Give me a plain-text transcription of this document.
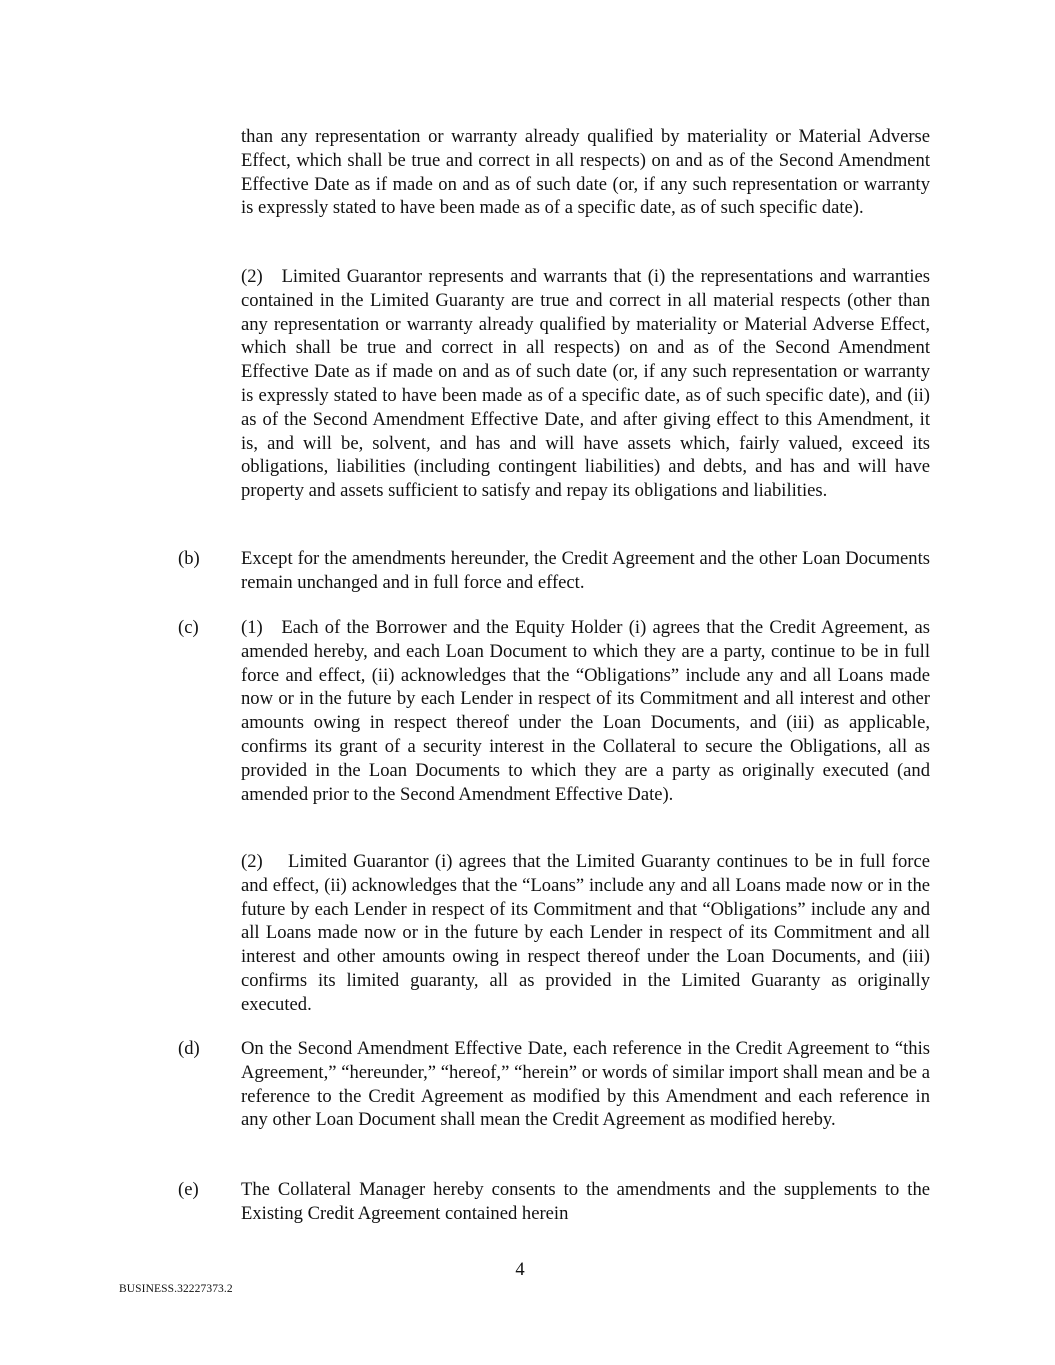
than any representation or warranty already qualified by materiality or Material Adverse Effect, which shall be true and correct in all respects) on and as of the Second Amendment Effective Date as if made on and as of such date (or, if any such representation or warranty is expressly stated to have been made as of a specific date, as of such specific date).

(2)   Limited Guarantor represents and warrants that (i) the representations and warranties contained in the Limited Guaranty are true and correct in all material respects (other than any representation or warranty already qualified by materiality or Material Adverse Effect, which shall be true and correct in all respects) on and as of the Second Amendment Effective Date as if made on and as of such date (or, if any such representation or warranty is expressly stated to have been made as of a specific date, as of such specific date), and (ii) as of the Second Amendment Effective Date, and after giving effect to this Amendment, it is, and will be, solvent, and has and will have assets which, fairly valued, exceed its obligations, liabilities (including contingent liabilities) and debts, and has and will have property and assets sufficient to satisfy and repay its obligations and liabilities.

(b) Except for the amendments hereunder, the Credit Agreement and the other Loan Documents remain unchanged and in full force and effect.

(c) (1)   Each of the Borrower and the Equity Holder (i) agrees that the Credit Agreement, as amended hereby, and each Loan Document to which they are a party, continue to be in full force and effect, (ii) acknowledges that the “Obligations” include any and all Loans made now or in the future by each Lender in respect of its Commitment and all interest and other amounts owing in respect thereof under the Loan Documents, and (iii) as applicable, confirms its grant of a security interest in the Collateral to secure the Obligations, all as provided in the Loan Documents to which they are a party as originally executed (and amended prior to the Second Amendment Effective Date).

(2)    Limited Guarantor (i) agrees that the Limited Guaranty continues to be in full force and effect, (ii) acknowledges that the “Loans” include any and all Loans made now or in the future by each Lender in respect of its Commitment and that “Obligations” include any and all Loans made now or in the future by each Lender in respect of its Commitment and all interest and other amounts owing in respect thereof under the Loan Documents, and (iii) confirms its limited guaranty, all as provided in the Limited Guaranty as originally executed.

(d) On the Second Amendment Effective Date, each reference in the Credit Agreement to “this Agreement,” “hereunder,” “hereof,” “herein” or words of similar import shall mean and be a reference to the Credit Agreement as modified by this Amendment and each reference in any other Loan Document shall mean the Credit Agreement as modified hereby.

(e) The Collateral Manager hereby consents to the amendments and the supplements to the Existing Credit Agreement contained herein

4
BUSINESS.32227373.2
